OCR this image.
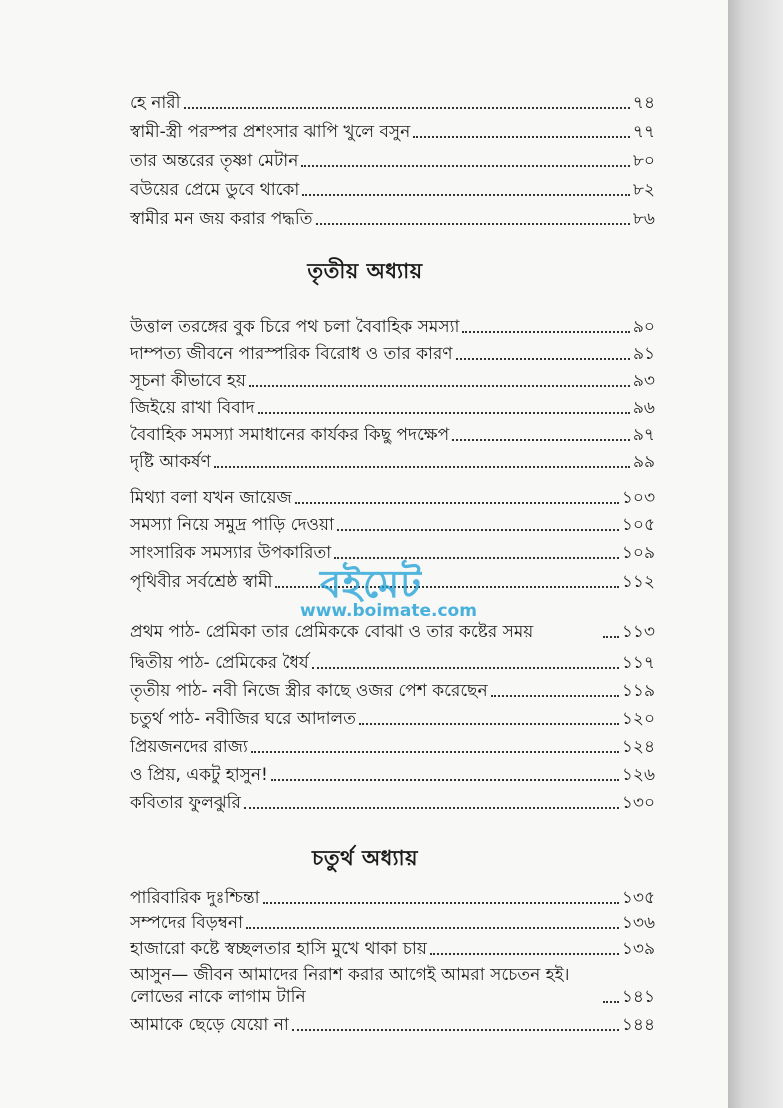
হে নারী	৭৪
স্বামী-স্ত্রী পরস্পর প্রশংসার ঝাপি খুলে বসুন	৭৭
তার অন্তরের তৃষ্ণা মেটান	৮০
বউয়ের প্রেমে ডুবে থাকো	৮২
স্বামীর মন জয় করার পদ্ধতি	৮৬
তৃতীয় অধ্যায়
উত্তাল তরঙ্গের বুক চিরে পথ চলা বৈবাহিক সমস্যা	৯০
দাম্পত্য জীবনে পারস্পরিক বিরোধ ও তার কারণ	৯১
সূচনা কীভাবে হয়	৯৩
জিইয়ে রাখা বিবাদ	৯৬
বৈবাহিক সমস্যা সমাধানের কার্যকর কিছু পদক্ষেপ	৯৭
দৃষ্টি আকর্ষণ	৯৯
মিথ্যা বলা যখন জায়েজ	১০৩
সমস্যা নিয়ে সমুদ্র পাড়ি দেওয়া	১০৫
সাংসারিক সমস্যার উপকারিতা	১০৯
পৃথিবীর সর্বশ্রেষ্ঠ স্বামী	১১২
প্রথম পাঠ- প্রেমিকা তার প্রেমিককে বোঝা ও তার কষ্টের সময়	১১৩
দ্বিতীয় পাঠ- প্রেমিকের ধৈর্য	১১৭
তৃতীয় পাঠ- নবী নিজে স্ত্রীর কাছে ওজর পেশ করেছেন	১১৯
চতুর্থ পাঠ- নবীজির ঘরে আদালত	১২০
প্রিয়জনদের রাজ্য	১২৪
ও প্রিয়, একটু হাসুন!	১২৬
কবিতার ফুলঝুরি	১৩০
চতুর্থ অধ্যায়
পারিবারিক দুঃশ্চিন্তা	১৩৫
সম্পদের বিড়ম্বনা	১৩৬
হাজারো কষ্টে স্বচ্ছলতার হাসি মুখে থাকা চায়	১৩৯
আসুন— জীবন আমাদের নিরাশ করার আগেই আমরা সচেতন হই। লোভের নাকে লাগাম টানি	১৪১
আমাকে ছেড়ে যেয়ো না	১৪৪
বইমেট
www.boimate.com
